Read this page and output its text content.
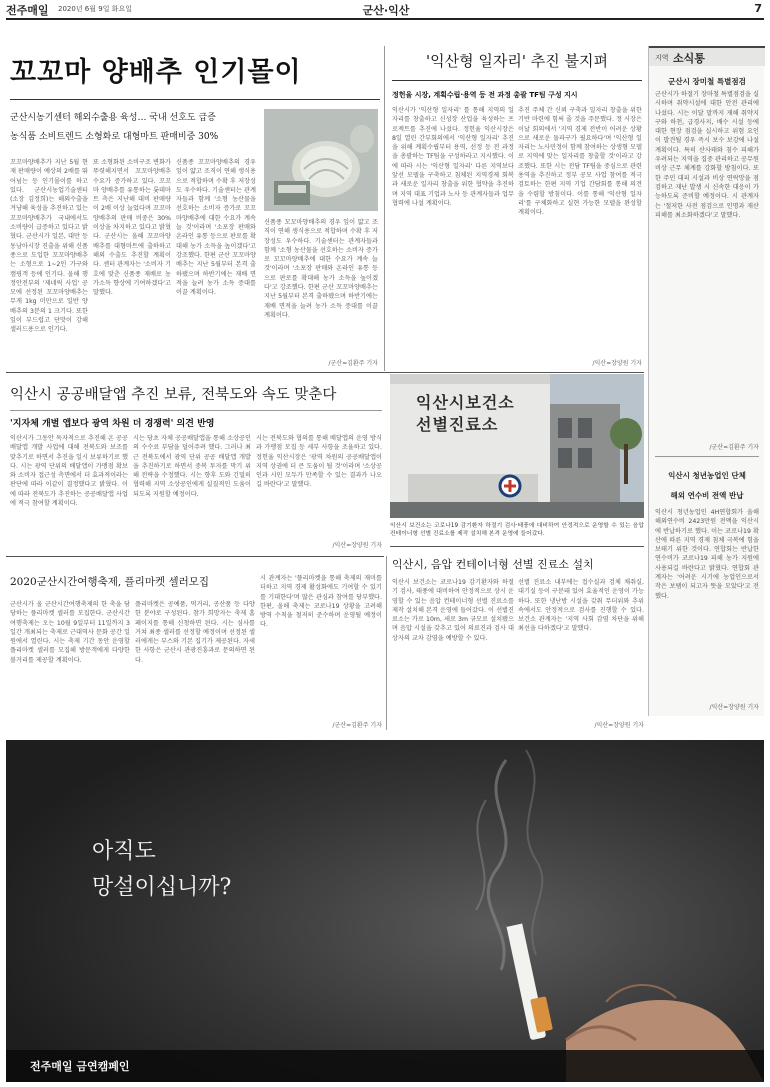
전주매일 2020년 6월 9일 화요일	군산·익산	7
꼬꼬마 양배추 인기몰이
군산시농기센터 해외수출용 육성… 국내 선호도 급증
농식품 소비트렌드 소형화로 대형마트 판매비중 30%
꼬꼬마양배추가 지난 5월 현재 판매량이 예상의 2배를 뛰어넘는 등 인기몰이를 하고 있다. 군산시농업기술센터(소장 김정희)는 해외수출을 겨냥해 육성을 추진하고 있는 꼬꼬마양배추가 국내에서도 소비량이 급증하고 있다고 밝혔다. 군산시가 일본, 대만 등 동남아시장 진출을 위해 신품종으로 도입한 꼬꼬마양배추는 소형으로 1~2인 가구와 캠핑객 등에 인기다. 올해 행정안전부의 '제네릭 사업' 공모에 선정된 꼬꼬마양배추는 무게 1kg 미만으로 일반 양배추의 3분의 1 크기다. 또한 잎이 부드럽고 단맛이 강해 샐러드용으로 인기다.
또 소형화된 소비구조 변화가 뚜렷해지면서 꼬꼬마양배추 수요가 증가하고 있다. 꼬꼬마 양배추를 유통하는 롯데마트 측은 지난해 대비 판매량이 2배 이상 늘었다며 꼬꼬마 양배추의 판매 비중은 30% 이상을 차지하고 있다고 밝혔다. 군산시는 올해 꼬꼬마양배추를 대형마트에 출하하고 해외 수출도 추진할 계획이다. 센터 관계자는 '소비자 기호에 맞춘 신품종 재배로 농가소득 향상에 기여하겠다'고 말했다.
신품종 꼬꼬마양배추의 경우 잎이 얇고 조직이 연해 생식용으로 적합하며 수확 후 저장성도 우수하다. 기술센터는 관계자들과 함께 '소형 농산물을 선호하는 소비자 증가로 꼬꼬마양배추에 대한 수요가 계속 늘 것'이라며 '소포장 판매와 온라인 유통 등으로 판로를 확대해 농가 소득을 높이겠다'고 강조했다. 한편 군산 꼬꼬마양배추는 지난 5월부터 본격 출하됐으며 하반기에는 재배 면적을 늘려 농가 소득 증대를 이끌 계획이다.
신품종 꼬꼬마양배추의 경우 잎이 얇고 조직이 연해 생식용으로 적합하며 수확 후 저장성도 우수하다. 기술센터는 관계자들과 함께 '소형 농산물을 선호하는 소비자 증가로 꼬꼬마양배추에 대한 수요가 계속 늘 것'이라며 '소포장 판매와 온라인 유통 등으로 판로를 확대해 농가 소득을 높이겠다'고 강조했다. 한편 군산 꼬꼬마양배추는 지난 5월부터 본격 출하됐으며 하반기에는 재배 면적을 늘려 농가 소득 증대를 이끌 계획이다.
/군산=김환주 기자
'익산형 일자리' 추진 불지펴
정헌율 시장, 계획수립·용역 등 전 과정 총괄 TF팀 구성 지시
익산시가 '익산형 일자리' 를 통해 지역의 일자리를 창출하고 신성장 산업을 육성하는 프로젝트를 추진에 나섰다. 정헌율 익산시장은 8일 열린 간부회의에서 '익산형 일자리' 추진을 위해 계획수립부터 용역, 선정 등 전 과정을 총괄하는 TF팀을 구성하라고 지시했다. 이에 따라 시는 '익산형 일자리' 다른 지역보다 앞선 모델을 구축하고 침체된 지역경제 회복과 새로운 일자리 창출을 위한 협약을 추진하며 지역 대표 기업과 노사 등 관계자들과 업무 협력에 나설 계획이다.
추진 주체 간 신뢰 구축과 일자리 창출을 위한 기반 마련에 힘써 줄 것을 주문했다. 정 시장은 이날 회의에서 '지역 경제 전반이 어려운 상황으로 새로운 돌파구가 필요하다'며 '익산형 일자리는 노사민정이 함께 참여하는 상생형 모델로 지역에 맞는 일자리를 창출할 것'이라고 강조했다. 또한 시는 전담 TF팀을 중심으로 관련 용역을 추진하고 정부 공모 사업 참여를 적극 검토하는 한편 지역 기업 간담회를 통해 의견을 수렴할 방침이다. 이를 통해 '익산형 일자리'를 구체화하고 실현 가능한 모델을 완성할 계획이다.
/익산=장양원 기자
지역 소식통
군산시 장미철 특별점검
군산시가 하절기 장마철 특별점검을 실시하며 취약시설에 대한 안전 관리에 나섰다. 시는 이달 말까지 재해 취약지구와 하천, 급경사지, 배수 시설 등에 대한 현장 점검을 실시하고 위험 요인이 발견될 경우 즉시 보수 보강에 나설 계획이다. 특히 산사태와 침수 피해가 우려되는 지역을 집중 관리하고 공무원 비상 근무 체계를 강화할 방침이다. 또한 주민 대피 시설과 비상 연락망을 점검하고 재난 발생 시 신속한 대응이 가능하도록 준비할 예정이다. 시 관계자는 '철저한 사전 점검으로 인명과 재산 피해를 최소화하겠다'고 말했다.
/군산=김환주 기자
익산시 청년농업인 단체
해외 연수비 전액 반납
익산시 청년농업인 4H연합회가 올해 해외연수비 2423만원 전액을 익산시에 반납하기로 했다. 이는 코로나19 확산에 따른 지역 경제 침체 극복에 힘을 보태기 위한 것이다. 연합회는 반납한 연수비가 코로나19 피해 농가 지원에 사용되길 바란다고 밝혔다. 연합회 관계자는 '어려운 시기에 농업인으로서 작은 보탬이 되고자 뜻을 모았다'고 전했다.
/익산=장양원 기자
익산시 공공배달앱 추진 보류, 전북도와 속도 맞춘다
'지자체 개별 앱보다 광역 차원 더 경쟁력' 의견 반영
익산시가 그동안 독자적으로 추진해 온 공공배달앱 개발 사업에 대해 전북도와 보조를 맞추기로 하면서 추진을 일시 보류하기로 했다. 시는 광역 단위의 배달앱이 가맹점 확보와 소비자 접근성 측면에서 더 효과적이라는 판단에 따라 이같이 결정했다고 밝혔다. 이에 따라 전북도가 추진하는 공공배달앱 사업에 적극 참여할 계획이다.
시는 당초 자체 공공배달앱을 통해 소상공인의 수수료 부담을 덜어주려 했다. 그러나 최근 전북도에서 광역 단위 공공 배달앱 개발을 추진하기로 하면서 중복 투자를 막기 위해 전략을 수정했다. 시는 향후 도와 긴밀히 협력해 지역 소상공인에게 실질적인 도움이 되도록 지원할 예정이다.
시는 전북도와 협의를 통해 배달앱의 운영 방식과 가맹점 모집 등 세부 사항을 조율하고 있다. 정헌율 익산시장은 '광역 차원의 공공배달앱이 지역 상권에 더 큰 도움이 될 것'이라며 '소상공인과 시민 모두가 만족할 수 있는 결과가 나오길 바란다'고 말했다.
/익산=장양원 기자
익산시보건소 선별진료소
익산시 보건소는 코로나19 감기환자 하절기 검사·태풍에 대비하여 안정적으로 운영할 수 있는 음압 컨테이너형 선별 진료소를 제작 설치해 본격 운영에 들어갔다.
익산시, 음압 컨테이너형 선별 진료소 설치
익산시 보건소는 코로나19 감기환자와 하절기 검사, 태풍에 대비하여 안정적으로 상시 운영할 수 있는 음압 컨테이너형 선별 진료소를 제작 설치해 본격 운영에 들어갔다. 이 선별진료소는 가로 10m, 세로 3m 규모로 설치됐으며 음압 시설을 갖추고 있어 의료진과 검사 대상자의 교차 감염을 예방할 수 있다.
선별 진료소 내부에는 접수실과 검체 채취실, 대기실 등이 구분돼 있어 효율적인 운영이 가능하다. 또한 냉난방 시설을 갖춰 무더위와 추위 속에서도 안정적으로 검사를 진행할 수 있다. 보건소 관계자는 '지역 사회 감염 차단을 위해 최선을 다하겠다'고 말했다.
/익산=장양원 기자
2020군산시간여행축제, 플리마켓 셀러모집
군산시가 올 군산시간여행축제의 한 축을 담당하는 플리마켓 셀러를 모집한다. 군산시간여행축제는 오는 10월 9일부터 11일까지 3일간 개최되는 축제로 근대역사 문화 공간 일원에서 열린다. 시는 축제 기간 동안 운영할 플리마켓 셀러를 모집해 방문객에게 다양한 볼거리를 제공할 계획이다.
플리마켓은 공예품, 먹거리, 공산품 등 다양한 분야로 구성된다. 참가 희망자는 축제 홈페이지를 통해 신청하면 된다. 시는 심사를 거쳐 최종 셀러를 선정할 예정이며 선정된 셀러에게는 부스와 기본 집기가 제공된다. 자세한 사항은 군산시 관광진흥과로 문의하면 된다.
시 관계자는 '플리마켓을 통해 축제의 재미를 더하고 지역 경제 활성화에도 기여할 수 있기를 기대한다'며 많은 관심과 참여를 당부했다. 한편, 올해 축제는 코로나19 상황을 고려해 방역 수칙을 철저히 준수하며 운영될 예정이다.
/군산=김환주 기자
아직도
망설이십니까?
전주매일 금연캠페인
